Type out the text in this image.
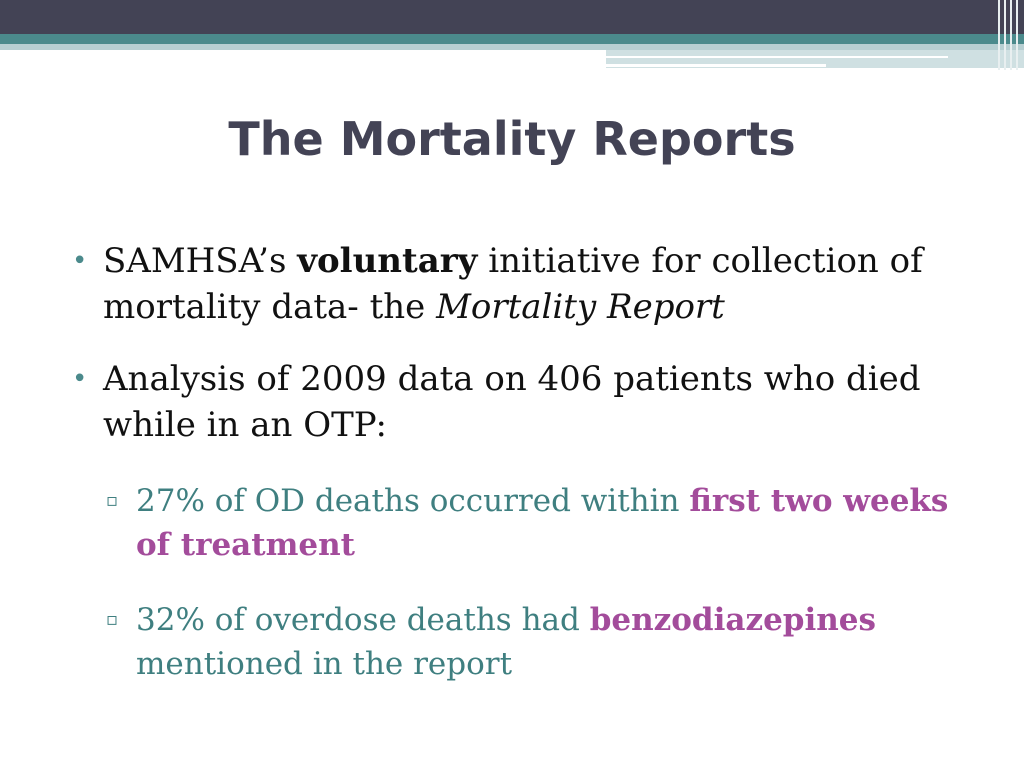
The Mortality Reports

• SAMHSA’s voluntary initiative for collection of mortality data- the Mortality Report

• Analysis of 2009 data on 406 patients who died while in an OTP:

▫ 27% of OD deaths occurred within first two weeks of treatment

▫ 32% of overdose deaths had benzodiazepines mentioned in the report
